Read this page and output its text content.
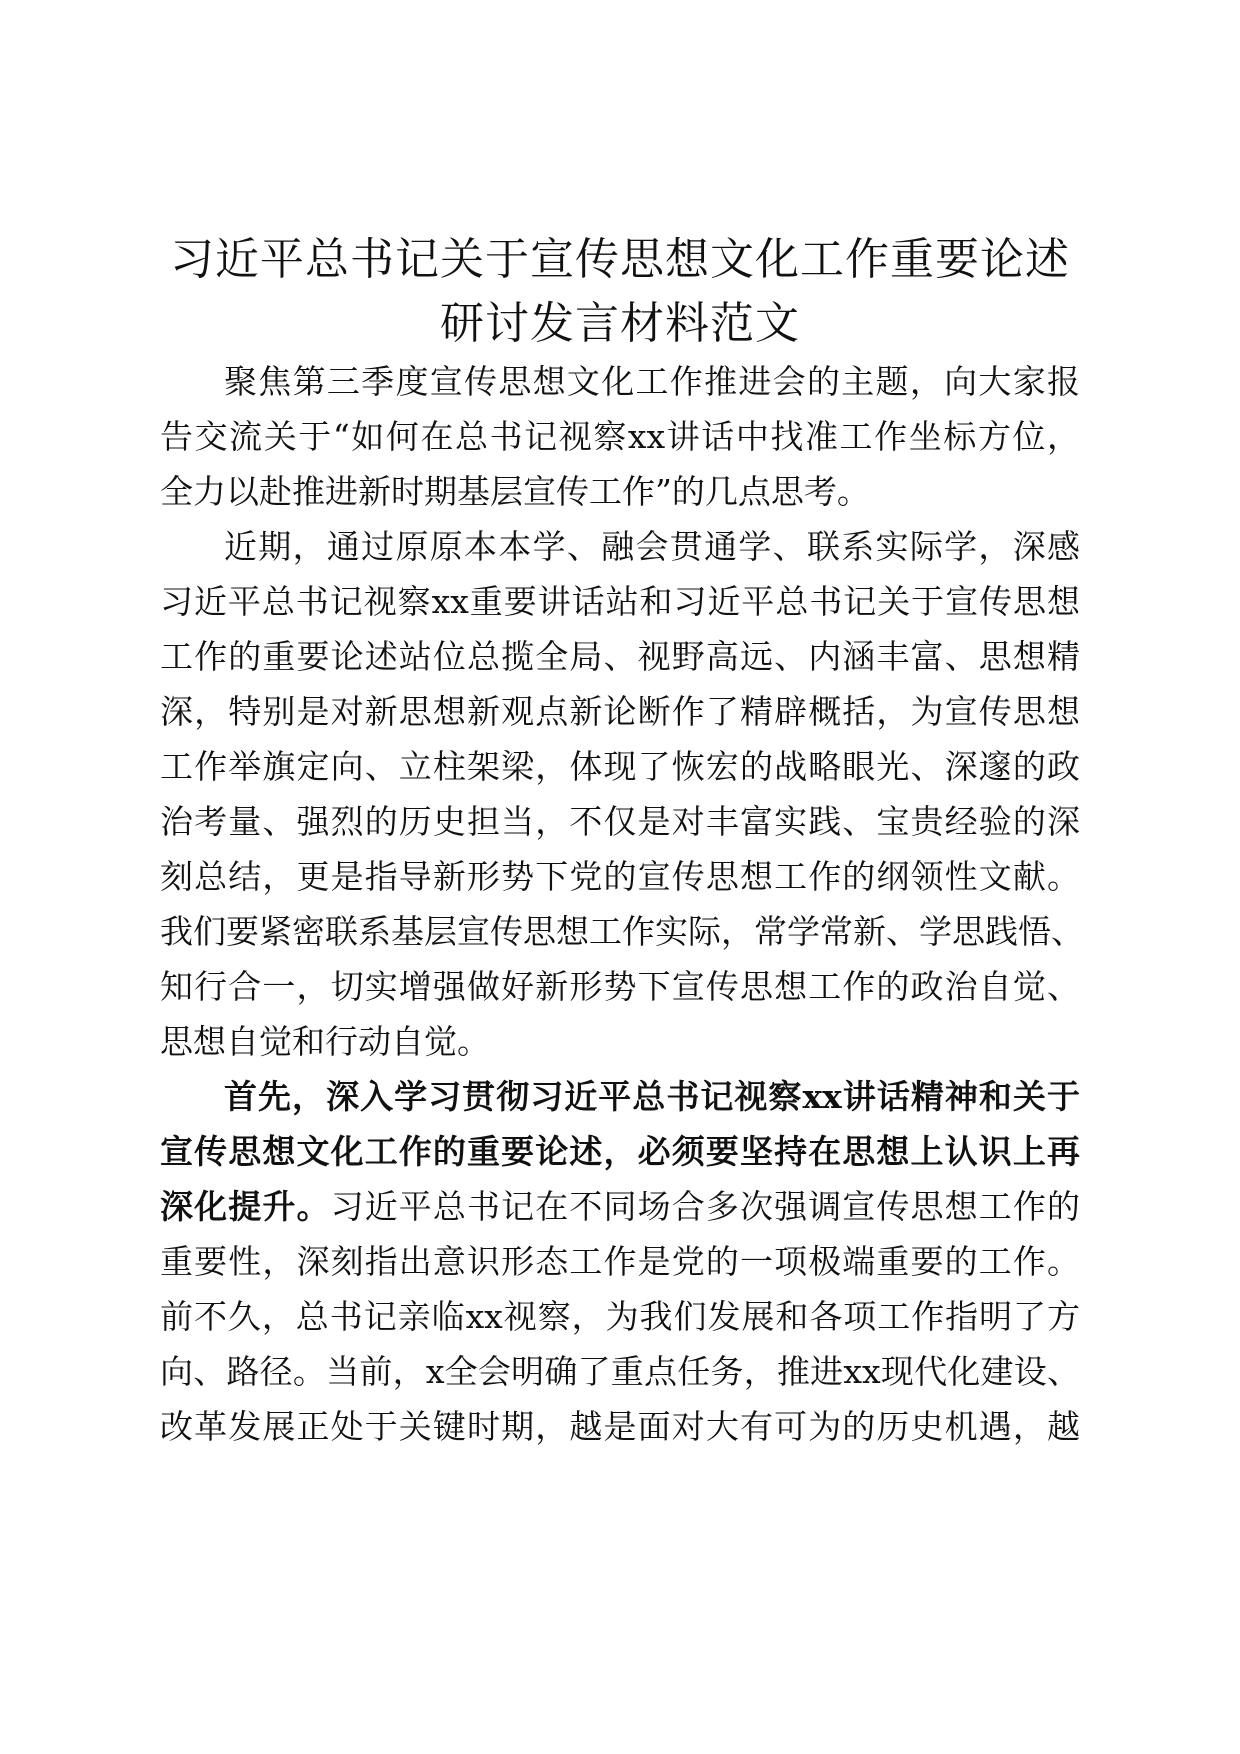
习近平总书记关于宣传思想文化工作重要论述
研讨发言材料范文
聚焦第三季度宣传思想文化工作推进会的主题，向大家报
告交流关于“如何在总书记视察xx讲话中找准工作坐标方位，
全力以赴推进新时期基层宣传工作”的几点思考。
近期，通过原原本本学、融会贯通学、联系实际学，深感
习近平总书记视察xx重要讲话站和习近平总书记关于宣传思想
工作的重要论述站位总揽全局、视野高远、内涵丰富、思想精
深，特别是对新思想新观点新论断作了精辟概括，为宣传思想
工作举旗定向、立柱架梁，体现了恢宏的战略眼光、深邃的政
治考量、强烈的历史担当，不仅是对丰富实践、宝贵经验的深
刻总结，更是指导新形势下党的宣传思想工作的纲领性文献。
我们要紧密联系基层宣传思想工作实际，常学常新、学思践悟、
知行合一，切实增强做好新形势下宣传思想工作的政治自觉、
思想自觉和行动自觉。
首先，深入学习贯彻习近平总书记视察xx讲话精神和关于
宣传思想文化工作的重要论述，必须要坚持在思想上认识上再
深化提升。习近平总书记在不同场合多次强调宣传思想工作的
重要性，深刻指出意识形态工作是党的一项极端重要的工作。
前不久，总书记亲临xx视察，为我们发展和各项工作指明了方
向、路径。当前，x全会明确了重点任务，推进xx现代化建设、
改革发展正处于关键时期，越是面对大有可为的历史机遇，越
